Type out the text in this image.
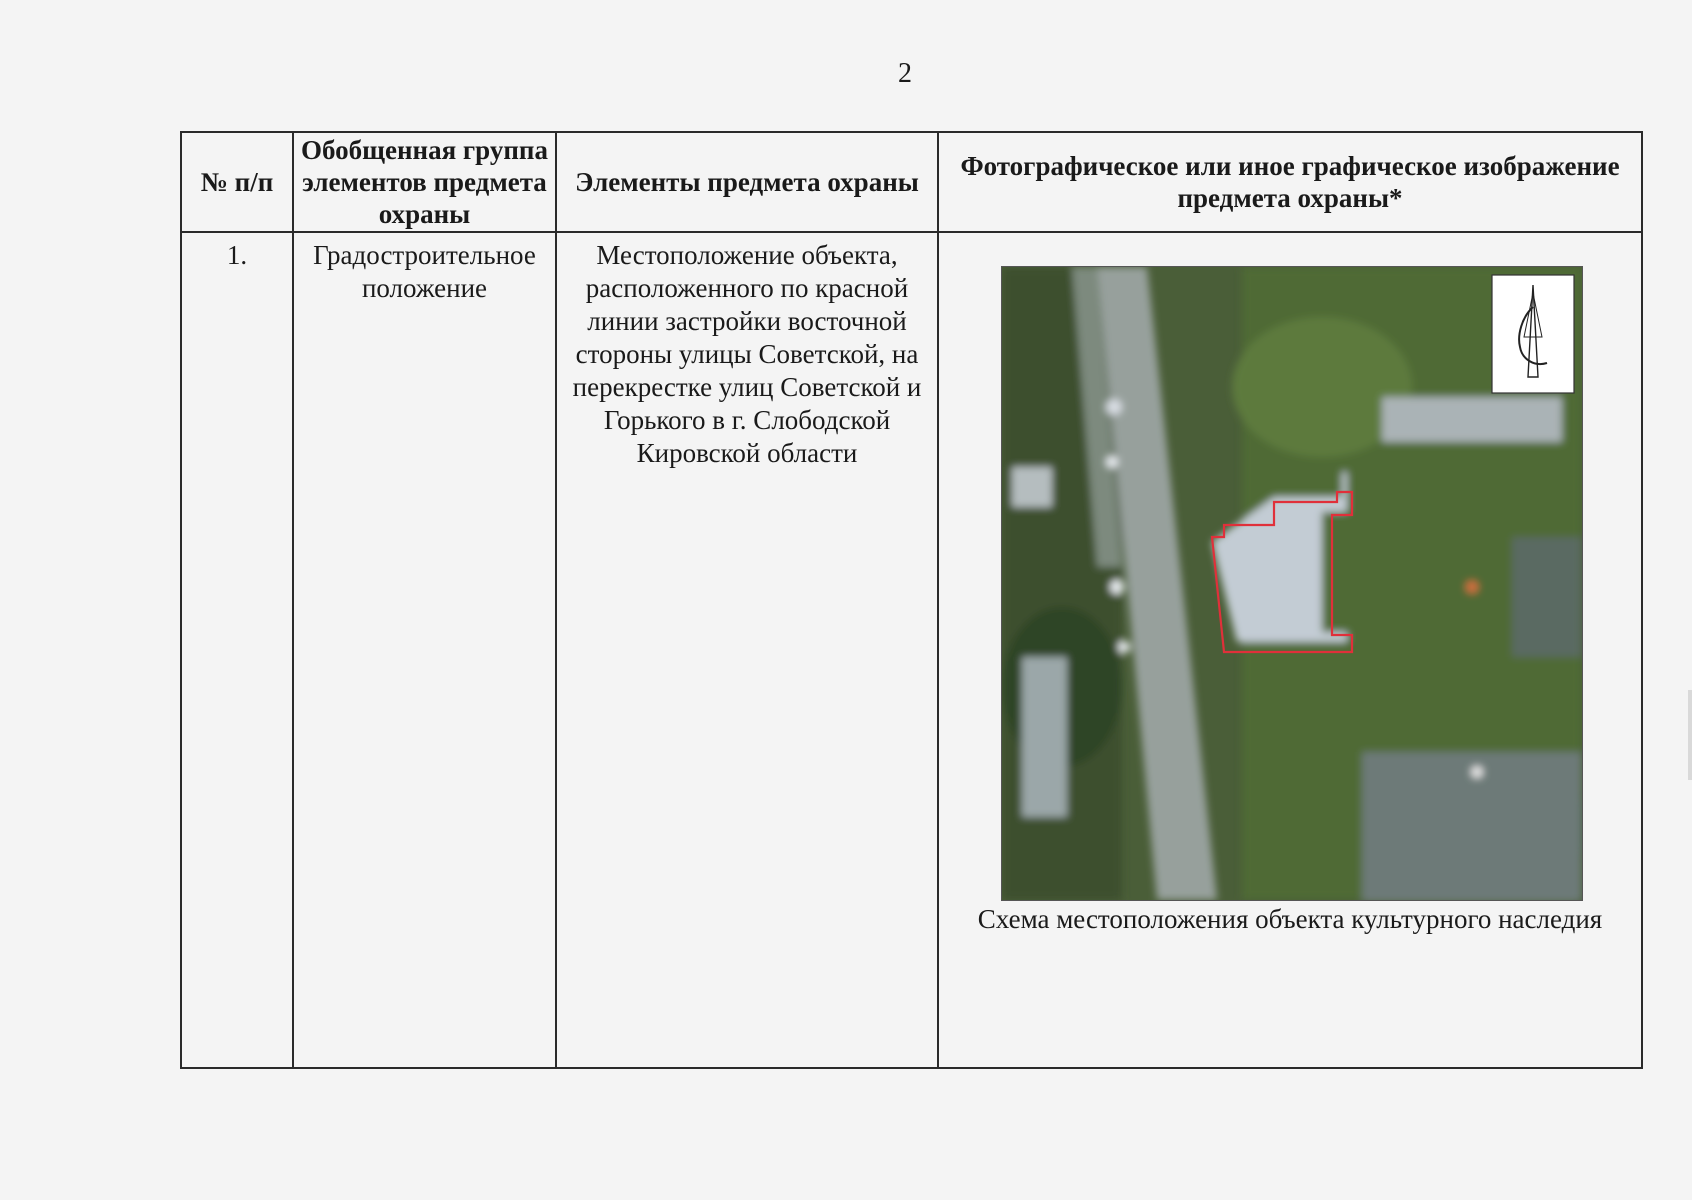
2
№ п/п	Обобщенная группа элементов предмета охраны	Элементы предмета охраны	Фотографическое или иное графическое изображение предмета охраны*
1.	Градостроительное положение	Местоположение объекта, расположенного по красной линии застройки восточной стороны улицы Советской, на перекрестке улиц Советской и Горького в г. Слободской Кировской области	Схема местоположения объекта культурного наследия
